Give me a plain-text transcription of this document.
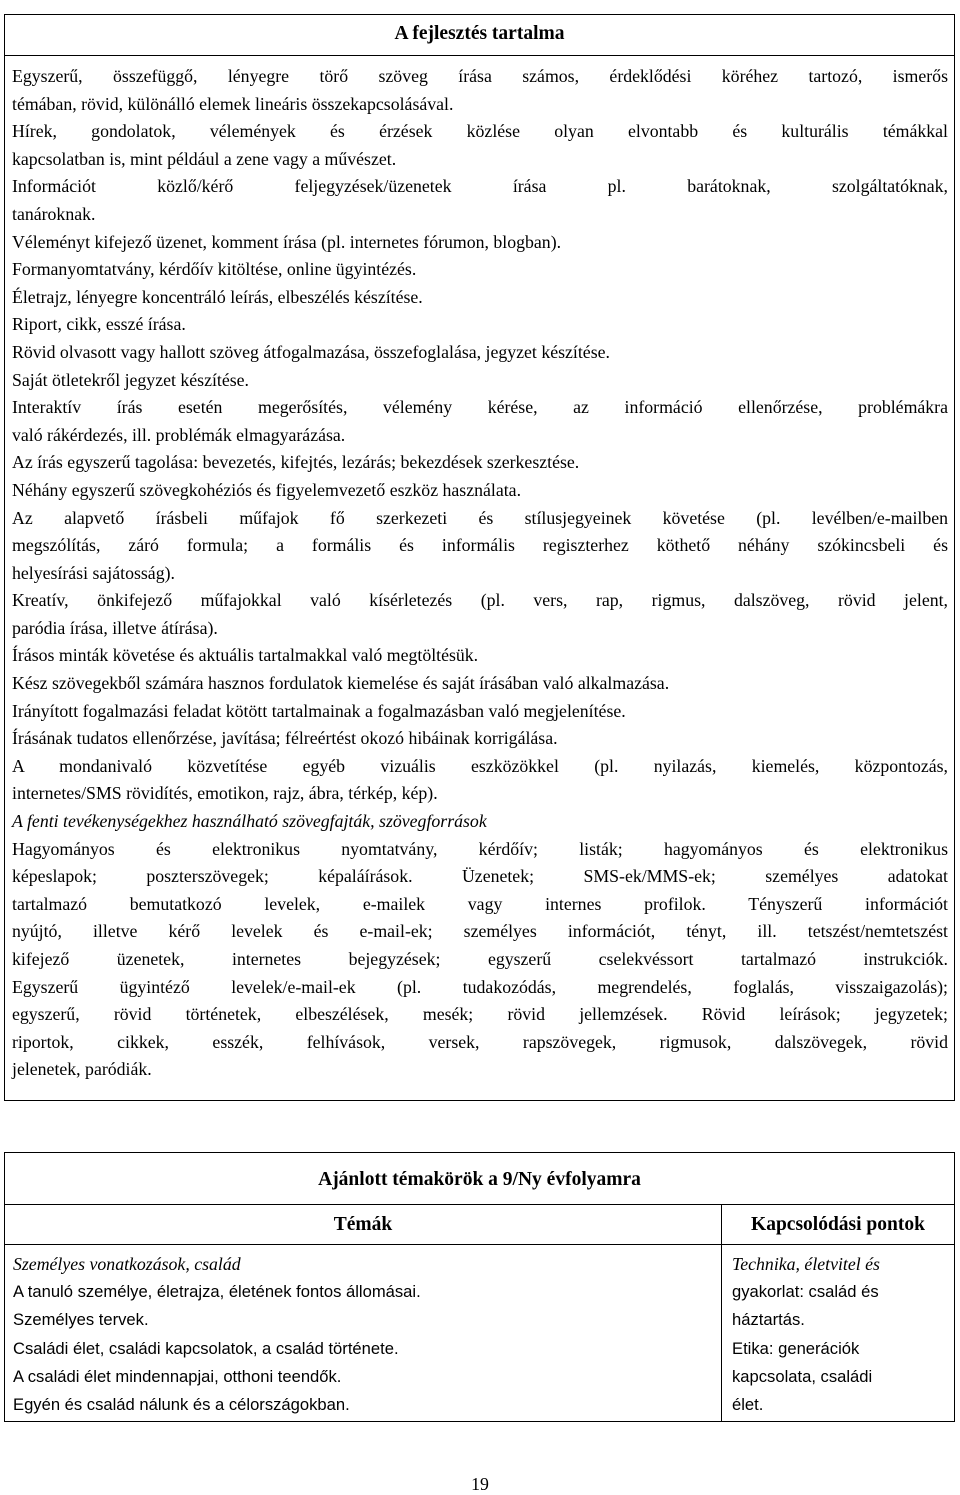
A fejlesztés tartalma
Egyszerű, összefüggő, lényegre törő szöveg írása számos, érdeklődési köréhez tartozó, ismerős
témában, rövid, különálló elemek lineáris összekapcsolásával.
Hírek, gondolatok, vélemények és érzések közlése olyan elvontabb és kulturális témákkal
kapcsolatban is, mint például a zene vagy a művészet.
Információt közlő/kérő feljegyzések/üzenetek írása pl. barátoknak, szolgáltatóknak,
tanároknak.
Véleményt kifejező üzenet, komment írása (pl. internetes fórumon, blogban).
Formanyomtatvány, kérdőív kitöltése, online ügyintézés.
Életrajz, lényegre koncentráló leírás, elbeszélés készítése.
Riport, cikk, esszé írása.
Rövid olvasott vagy hallott szöveg átfogalmazása, összefoglalása, jegyzet készítése.
Saját ötletekről jegyzet készítése.
Interaktív írás esetén megerősítés, vélemény kérése, az információ ellenőrzése, problémákra
való rákérdezés, ill. problémák elmagyarázása.
Az írás egyszerű tagolása: bevezetés, kifejtés, lezárás; bekezdések szerkesztése.
Néhány egyszerű szövegkohéziós és figyelemvezető eszköz használata.
Az alapvető írásbeli műfajok fő szerkezeti és stílusjegyeinek követése (pl. levélben/e-mailben
megszólítás, záró formula; a formális és informális regiszterhez köthető néhány szókincsbeli és
helyesírási sajátosság).
Kreatív, önkifejező műfajokkal való kísérletezés (pl. vers, rap, rigmus, dalszöveg, rövid jelent,
paródia írása, illetve átírása).
Írásos minták követése és aktuális tartalmakkal való megtöltésük.
Kész szövegekből számára hasznos fordulatok kiemelése és saját írásában való alkalmazása.
Irányított fogalmazási feladat kötött tartalmainak a fogalmazásban való megjelenítése.
Írásának tudatos ellenőrzése, javítása; félreértést okozó hibáinak korrigálása.
A mondanivaló közvetítése egyéb vizuális eszközökkel (pl. nyilazás, kiemelés, központozás,
internetes/SMS rövidítés, emotikon, rajz, ábra, térkép, kép).
A fenti tevékenységekhez használható szövegfajták, szövegforrások
Hagyományos és elektronikus nyomtatvány, kérdőív; listák; hagyományos és elektronikus
képeslapok; poszterszövegek; képaláírások. Üzenetek; SMS-ek/MMS-ek; személyes adatokat
tartalmazó bemutatkozó levelek, e-mailek vagy internes profilok. Tényszerű információt
nyújtó, illetve kérő levelek és e-mail-ek; személyes információt, tényt, ill. tetszést/nemtetszést
kifejező üzenetek, internetes bejegyzések; egyszerű cselekvéssort tartalmazó instrukciók.
Egyszerű ügyintéző levelek/e-mail-ek (pl. tudakozódás, megrendelés, foglalás, visszaigazolás);
egyszerű, rövid történetek, elbeszélések, mesék; rövid jellemzések. Rövid leírások; jegyzetek;
riportok, cikkek, esszék, felhívások, versek, rapszövegek, rigmusok, dalszövegek, rövid
jelenetek, paródiák.
Ajánlott témakörök a 9/Ny évfolyamra
Témák	Kapcsolódási pontok
Személyes vonatkozások, család
A tanuló személye, életrajza, életének fontos állomásai.
Személyes tervek.
Családi élet, családi kapcsolatok, a család története.
A családi élet mindennapjai, otthoni teendők.
Egyén és család nálunk és a célországokban.
Technika, életvitel és
gyakorlat: család és
háztartás.
Etika: generációk
kapcsolata, családi
élet.
19
